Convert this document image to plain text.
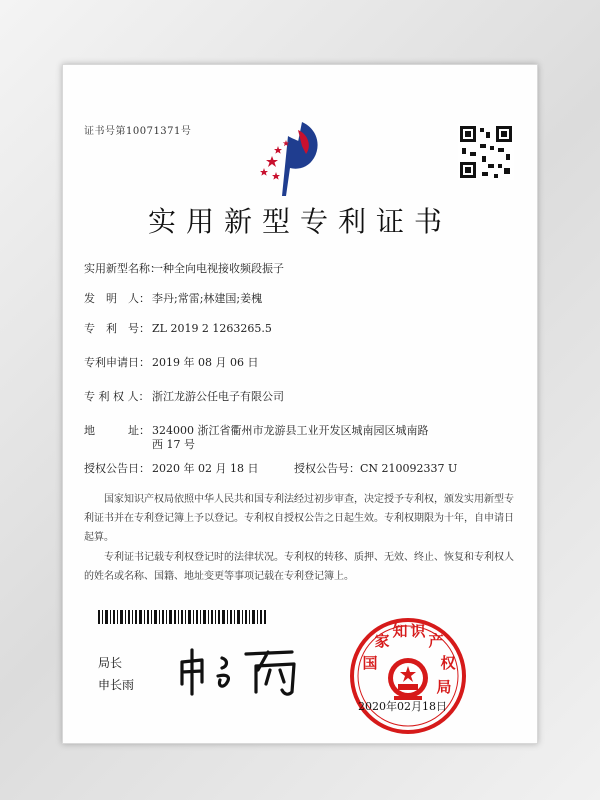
证书号第10071371号
实用新型专利证书
实用新型名称：一种全向电视接收频段振子
发　明　人： 李丹;常雷;林建国;姜槐
专　利　号： ZL 2019 2 1263265.5
专利申请日： 2019 年 08 月 06 日
专 利 权 人： 浙江龙游公任电子有限公司
地　　　址： 324000 浙江省衢州市龙游县工业开发区城南园区城南路
西 17 号
授权公告日： 2020 年 02 月 18 日	授权公告号：CN 210092337 U
　　国家知识产权局依照中华人民共和国专利法经过初步审查，决定授予专利权，颁发实用新型专利证书并在专利登记簿上予以登记。专利权自授权公告之日起生效。专利权期限为十年，自申请日起算。
　　专利证书记载专利权登记时的法律状况。专利权的转移、质押、无效、终止、恢复和专利权人的姓名或名称、国籍、地址变更等事项记载在专利登记簿上。
局长
申长雨
国
家
知 识
产
权
局
2020年02月18日
